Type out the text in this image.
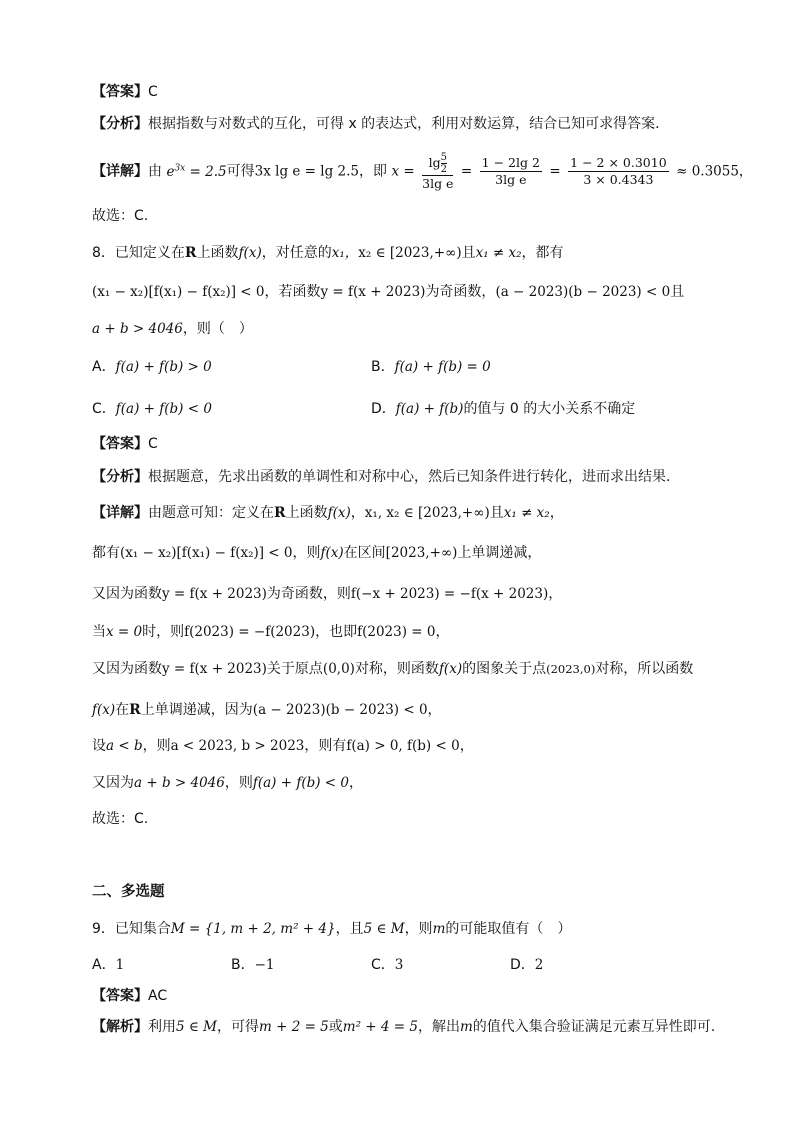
【答案】C
【分析】根据指数与对数式的互化，可得 x 的表达式，利用对数运算，结合已知可求得答案.
【详解】由 $e^{3x} = 2.5$可得3x lg e = lg 2.5，即 $x = \frac{\lg \frac{5}{2}}{\text{3lg e}} = \frac{1 - 2\lg 2}{\text{3lg e}} = \frac{1 - 2 \times 0.3010}{3 \times 0.4343} \approx 0.3055$，
故选：C.
8．已知定义在R上函数f(x)，对任意的x₁，x₂ ∈ [2023,+∞)且x₁ ≠ x₂，都有
(x₁ − x₂)[f(x₁) − f(x₂)] < 0，若函数y = f(x + 2023)为奇函数，(a − 2023)(b − 2023) < 0且
a + b > 4046，则（　）
A．f(a) + f(b) > 0	B．f(a) + f(b) = 0
C．f(a) + f(b) < 0	D．f(a) + f(b)的值与 0 的大小关系不确定
【答案】C
【分析】根据题意，先求出函数的单调性和对称中心，然后已知条件进行转化，进而求出结果.
【详解】由题意可知：定义在R上函数f(x)，x₁, x₂ ∈ [2023,+∞)且x₁ ≠ x₂，
都有(x₁ − x₂)[f(x₁) − f(x₂)] < 0，则f(x)在区间[2023,+∞)上单调递减，
又因为函数y = f(x + 2023)为奇函数，则f(−x + 2023) = −f(x + 2023)，
当x = 0时，则f(2023) = −f(2023)，也即f(2023) = 0，
又因为函数y = f(x + 2023)关于原点(0,0)对称，则函数f(x)的图象关于点(2023,0)对称，所以函数
f(x)在R上单调递减，因为(a − 2023)(b − 2023) < 0，
设a < b，则a < 2023, b > 2023，则有f(a) > 0, f(b) < 0，
又因为a + b > 4046，则f(a) + f(b) < 0，
故选：C.
二、多选题
9．已知集合M = {1, m + 2, m² + 4}，且5 ∈ M，则m的可能取值有（　）
A．1	B．−1	C．3	D．2
【答案】AC
【解析】利用5 ∈ M，可得m + 2 = 5或m² + 4 = 5，解出m的值代入集合验证满足元素互异性即可.
